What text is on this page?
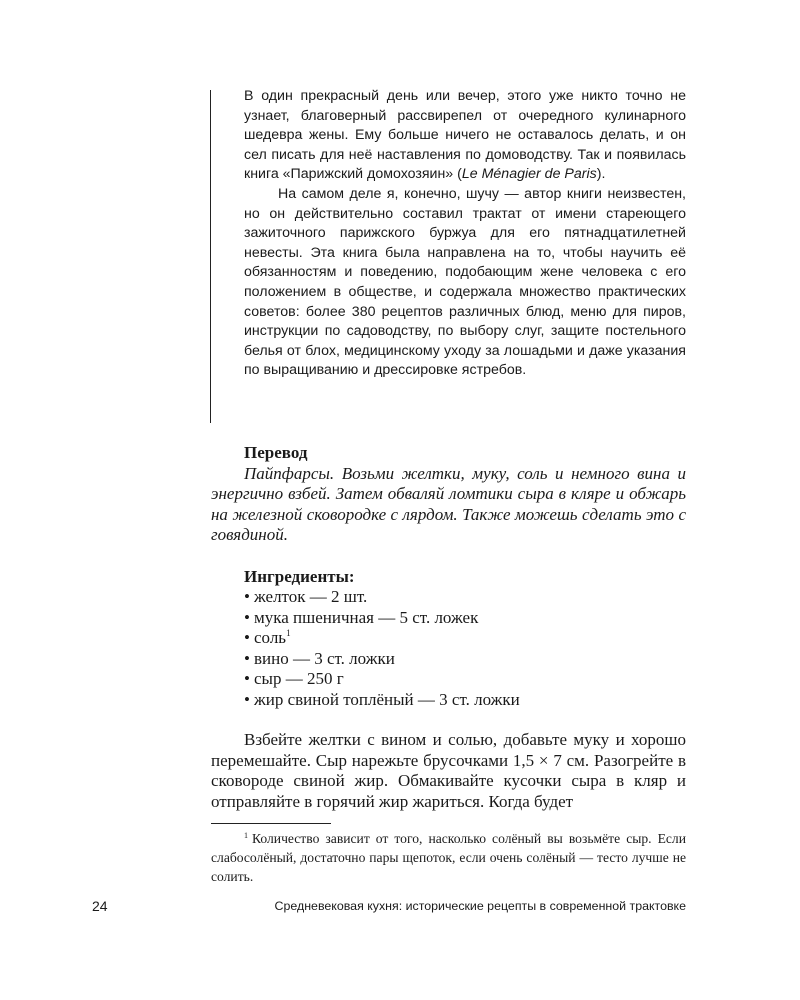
В один прекрасный день или вечер, этого уже никто точно не узнает, благоверный рассвирепел от очередного кулинарного шедевра жены. Ему больше ничего не оставалось делать, и он сел писать для неё наставления по домоводству. Так и появилась книга «Парижский домохозяин» (Le Ménagier de Paris).

На самом деле я, конечно, шучу — автор книги неизвестен, но он действительно составил трактат от имени стареющего зажиточного парижского буржуа для его пятнадцатилетней невесты. Эта книга была направлена на то, чтобы научить её обязанностям и поведению, подобающим жене человека с его положением в обществе, и содержала множество практических советов: более 380 рецептов различных блюд, меню для пиров, инструкции по садоводству, по выбору слуг, защите постельного белья от блох, медицинскому уходу за лошадьми и даже указания по выращиванию и дрессировке ястребов.

Перевод

Пайпфарсы. Возьми желтки, муку, соль и немного вина и энергично взбей. Затем обваляй ломтики сыра в кляре и обжарь на железной сковородке с лярдом. Также можешь сделать это с говядиной.

Ингредиенты:

• желток — 2 шт.
• мука пшеничная — 5 ст. ложек
• соль$^1$
• вино — 3 ст. ложки
• сыр — 250 г
• жир свиной топлёный — 3 ст. ложки

Взбейте желтки с вином и солью, добавьте муку и хорошо перемешайте. Сыр нарежьте брусочками 1,5 × 7 см. Разогрейте в сковороде свиной жир. Обмакивайте кусочки сыра в кляр и отправляйте в горячий жир жариться. Когда будет

$^1$ Количество зависит от того, насколько солёный вы возьмёте сыр. Если слабосолёный, достаточно пары щепоток, если очень солёный — тесто лучше не солить.
24	Средневековая кухня: исторические рецепты в современной трактовке
